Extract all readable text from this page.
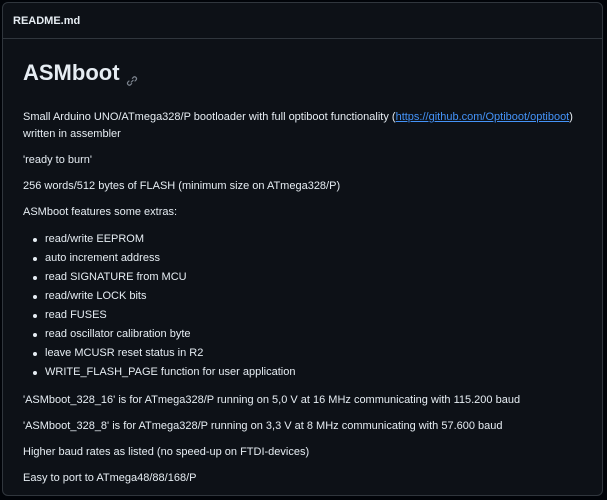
README.md
ASMboot

Small Arduino UNO/ATmega328/P bootloader with full optiboot functionality (https://github.com/Optiboot/optiboot) written in assembler

'ready to burn'

256 words/512 bytes of FLASH (minimum size on ATmega328/P)

ASMboot features some extras:

read/write EEPROM
auto increment address
read SIGNATURE from MCU
read/write LOCK bits
read FUSES
read oscillator calibration byte
leave MCUSR reset status in R2
WRITE_FLASH_PAGE function for user application

'ASMboot_328_16' is for ATmega328/P running on 5,0 V at 16 MHz communicating with 115.200 baud

'ASMboot_328_8' is for ATmega328/P running on 3,3 V at 8 MHz communicating with 57.600 baud

Higher baud rates as listed (no speed-up on FTDI-devices)

Easy to port to ATmega48/88/168/P
